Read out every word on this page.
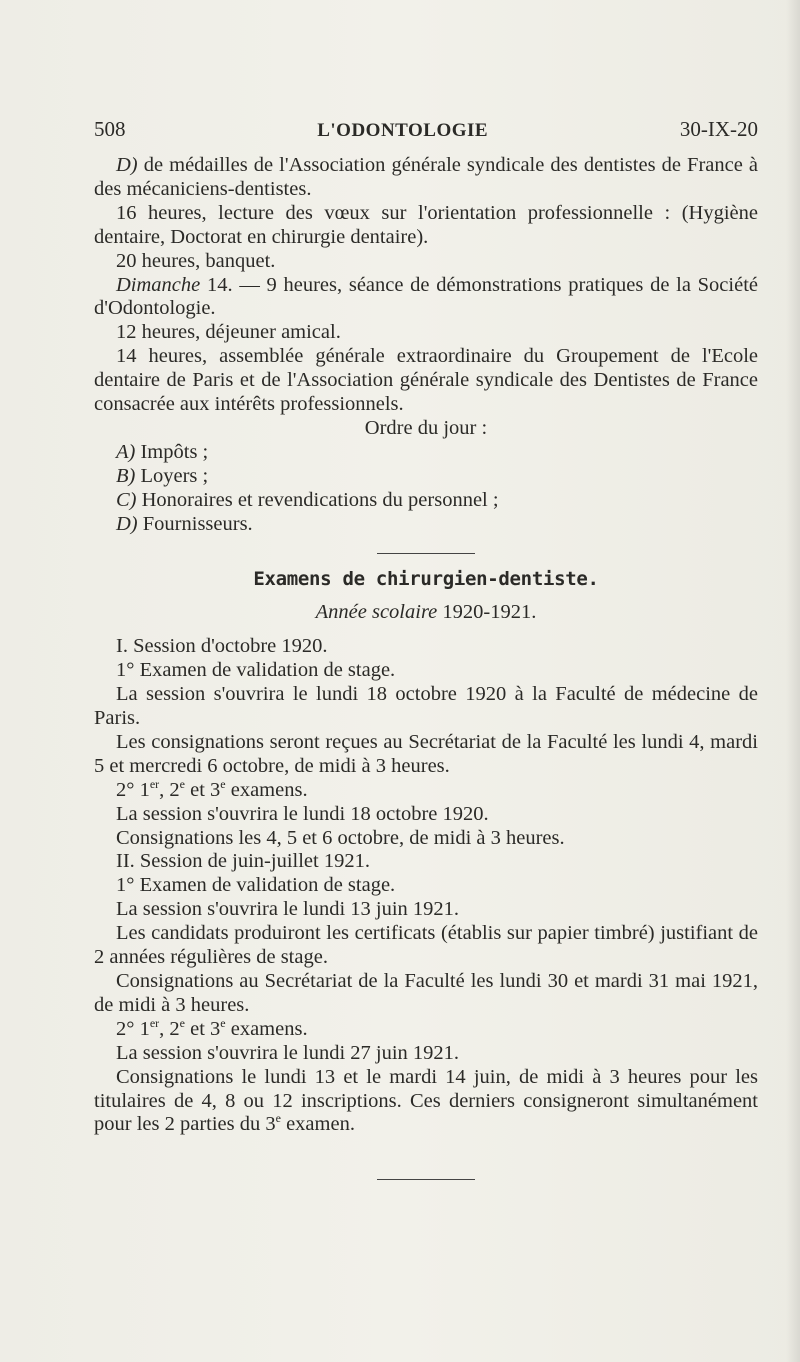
508	L'ODONTOLOGIE	30-IX-20

D) de médailles de l'Association générale syndicale des dentistes de France à des mécaniciens-dentistes.

16 heures, lecture des vœux sur l'orientation professionnelle : (Hygiène dentaire, Doctorat en chirurgie dentaire).

20 heures, banquet.

Dimanche 14. — 9 heures, séance de démonstrations pratiques de la Société d'Odontologie.

12 heures, déjeuner amical.

14 heures, assemblée générale extraordinaire du Groupement de l'Ecole dentaire de Paris et de l'Association générale syndicale des Dentistes de France consacrée aux intérêts professionnels.

Ordre du jour :

A) Impôts ;

B) Loyers ;

C) Honoraires et revendications du personnel ;

D) Fournisseurs.

Examens de chirurgien-dentiste.

Année scolaire 1920-1921.

I. Session d'octobre 1920.

1° Examen de validation de stage.

La session s'ouvrira le lundi 18 octobre 1920 à la Faculté de médecine de Paris.

Les consignations seront reçues au Secrétariat de la Faculté les lundi 4, mardi 5 et mercredi 6 octobre, de midi à 3 heures.

2° 1er, 2e et 3e examens.

La session s'ouvrira le lundi 18 octobre 1920.

Consignations les 4, 5 et 6 octobre, de midi à 3 heures.

II. Session de juin-juillet 1921.

1° Examen de validation de stage.

La session s'ouvrira le lundi 13 juin 1921.

Les candidats produiront les certificats (établis sur papier timbré) justifiant de 2 années régulières de stage.

Consignations au Secrétariat de la Faculté les lundi 30 et mardi 31 mai 1921, de midi à 3 heures.

2° 1er, 2e et 3e examens.

La session s'ouvrira le lundi 27 juin 1921.

Consignations le lundi 13 et le mardi 14 juin, de midi à 3 heures pour les titulaires de 4, 8 ou 12 inscriptions. Ces derniers consigneront simultanément pour les 2 parties du 3e examen.
